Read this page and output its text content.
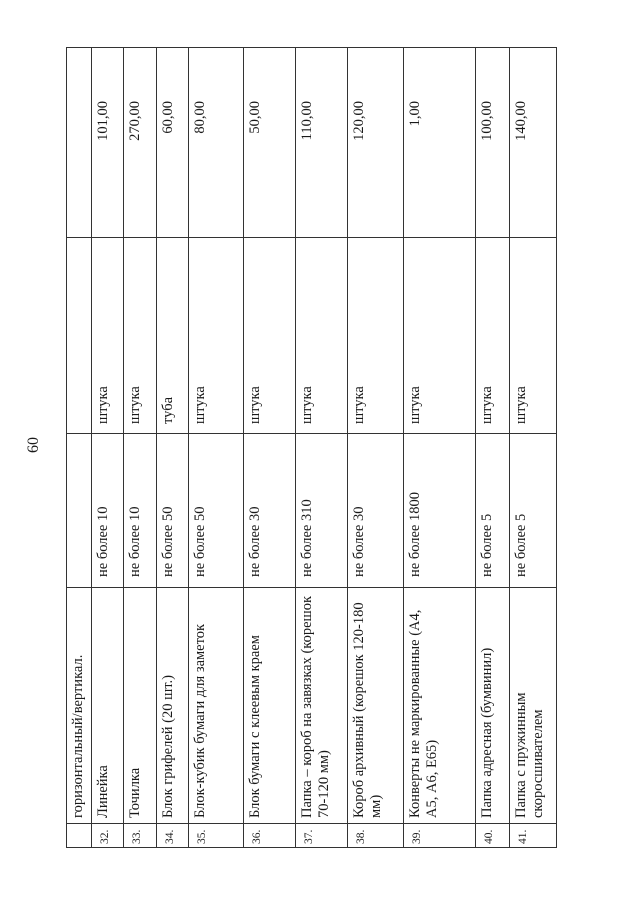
60
	горизонтальный/вертикал.			
32.	Линейка	не более 10	штука	101,00
33.	Точилка	не более 10	штука	270,00
34.	Блок грифелей (20 шт.)	не более 50	туба	60,00
35.	Блок-кубик бумаги для заметок	не более 50	штука	80,00
36.	Блок бумаги с клеевым краем	не более 30	штука	50,00
37.	Папка – короб на завязках (корешок 70-120 мм)	не более 310	штука	110,00
38.	Короб архивный (корешок 120-180 мм)	не более 30	штука	120,00
39.	Конверты не маркированные (А4, А5, А6, Е65)	не более 1800	штука	1,00
40.	Папка адресная (бумвинил)	не более 5	штука	100,00
41.	Папка с пружинным скоросшивателем	не более 5	штука	140,00
